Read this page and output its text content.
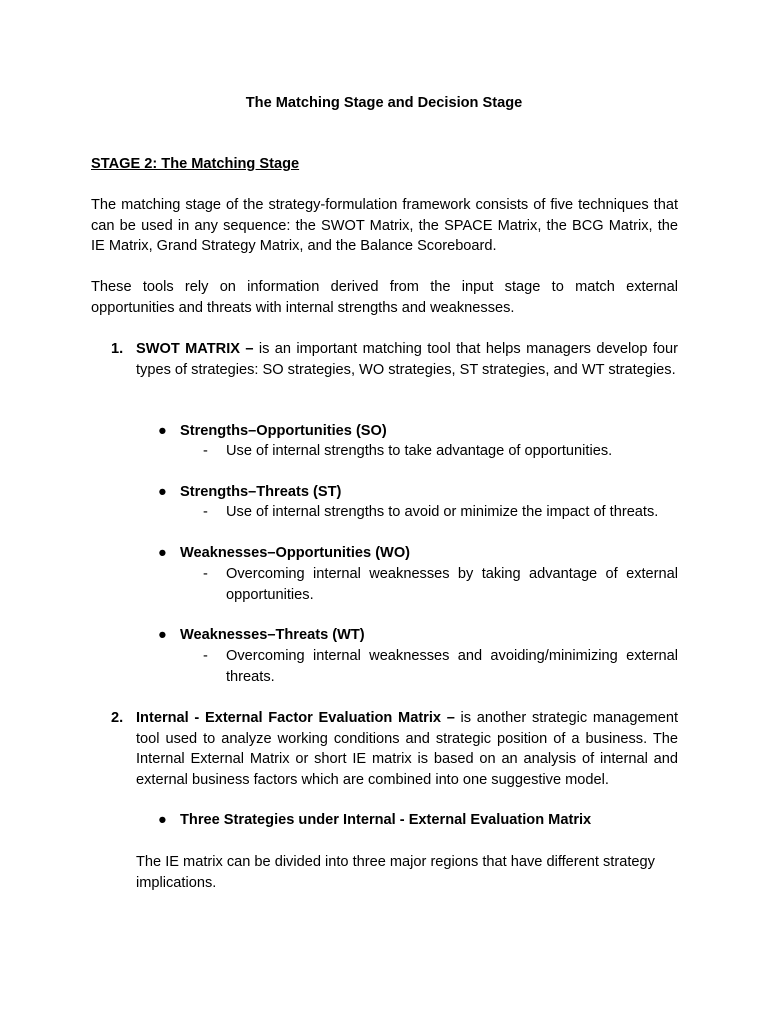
The Matching Stage and Decision Stage
STAGE 2: The Matching Stage
The matching stage of the strategy-formulation framework consists of five techniques that can be used in any sequence: the SWOT Matrix, the SPACE Matrix, the BCG Matrix, the IE Matrix, Grand Strategy Matrix, and the Balance Scoreboard.
These tools rely on information derived from the input stage to match external opportunities and threats with internal strengths and weaknesses.
1. SWOT MATRIX – is an important matching tool that helps managers develop four types of strategies: SO strategies, WO strategies, ST strategies, and WT strategies.
● Strengths–Opportunities (SO)
- Use of internal strengths to take advantage of opportunities.
● Strengths–Threats (ST)
- Use of internal strengths to avoid or minimize the impact of threats.
● Weaknesses–Opportunities (WO)
- Overcoming internal weaknesses by taking advantage of external opportunities.
● Weaknesses–Threats (WT)
- Overcoming internal weaknesses and avoiding/minimizing external threats.
2. Internal - External Factor Evaluation Matrix – is another strategic management tool used to analyze working conditions and strategic position of a business. The Internal External Matrix or short IE matrix is based on an analysis of internal and external business factors which are combined into one suggestive model.
● Three Strategies under Internal - External Evaluation Matrix
The IE matrix can be divided into three major regions that have different strategy implications.
